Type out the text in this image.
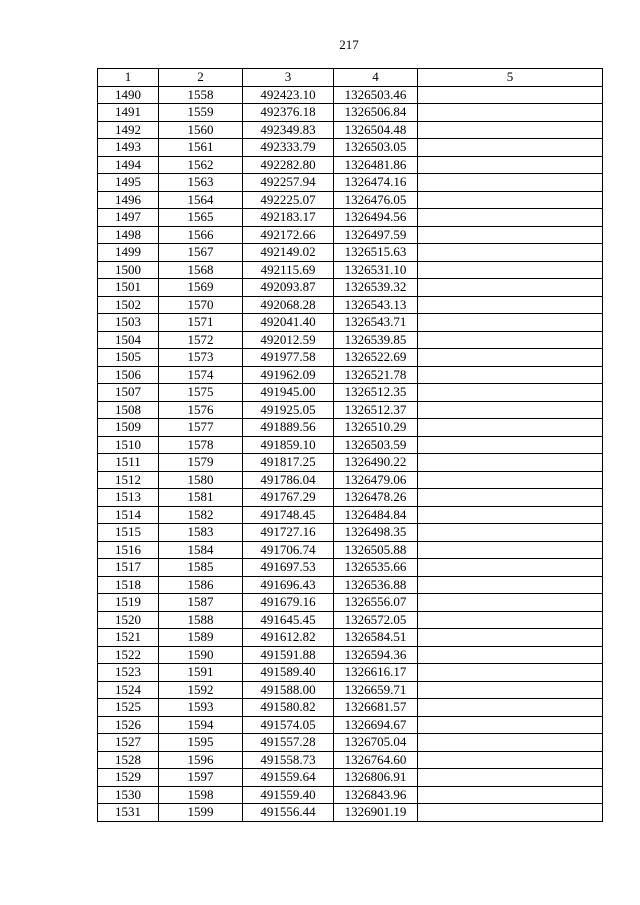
217
1	2	3	4	5
1490	1558	492423.10	1326503.46	
1491	1559	492376.18	1326506.84	
1492	1560	492349.83	1326504.48	
1493	1561	492333.79	1326503.05	
1494	1562	492282.80	1326481.86	
1495	1563	492257.94	1326474.16	
1496	1564	492225.07	1326476.05	
1497	1565	492183.17	1326494.56	
1498	1566	492172.66	1326497.59	
1499	1567	492149.02	1326515.63	
1500	1568	492115.69	1326531.10	
1501	1569	492093.87	1326539.32	
1502	1570	492068.28	1326543.13	
1503	1571	492041.40	1326543.71	
1504	1572	492012.59	1326539.85	
1505	1573	491977.58	1326522.69	
1506	1574	491962.09	1326521.78	
1507	1575	491945.00	1326512.35	
1508	1576	491925.05	1326512.37	
1509	1577	491889.56	1326510.29	
1510	1578	491859.10	1326503.59	
1511	1579	491817.25	1326490.22	
1512	1580	491786.04	1326479.06	
1513	1581	491767.29	1326478.26	
1514	1582	491748.45	1326484.84	
1515	1583	491727.16	1326498.35	
1516	1584	491706.74	1326505.88	
1517	1585	491697.53	1326535.66	
1518	1586	491696.43	1326536.88	
1519	1587	491679.16	1326556.07	
1520	1588	491645.45	1326572.05	
1521	1589	491612.82	1326584.51	
1522	1590	491591.88	1326594.36	
1523	1591	491589.40	1326616.17	
1524	1592	491588.00	1326659.71	
1525	1593	491580.82	1326681.57	
1526	1594	491574.05	1326694.67	
1527	1595	491557.28	1326705.04	
1528	1596	491558.73	1326764.60	
1529	1597	491559.64	1326806.91	
1530	1598	491559.40	1326843.96	
1531	1599	491556.44	1326901.19	
